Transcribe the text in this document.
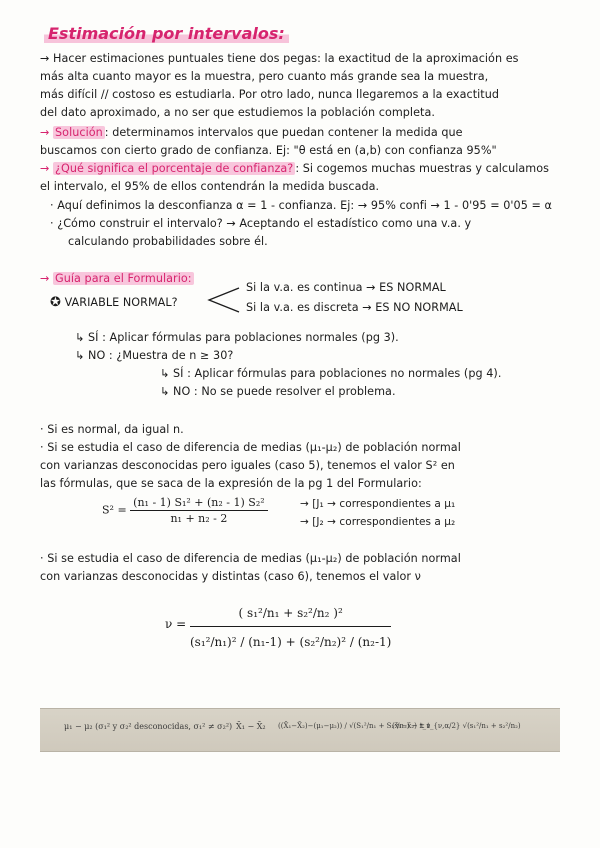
Estimación por intervalos:
→ Hacer estimaciones puntuales tiene dos pegas: la exactitud de la aproximación es
más alta cuanto mayor es la muestra, pero cuanto más grande sea la muestra,
más difícil // costoso es estudiarla. Por otro lado, nunca llegaremos a la exactitud
del dato aproximado, a no ser que estudiemos la población completa.
→ Solución : determinamos intervalos que puedan contener la medida que
buscamos con cierto grado de confianza. Ej: "θ está en (a,b) con confianza 95%"
→ ¿Qué significa el porcentaje de confianza? : Si cogemos muchas muestras y calculamos
el intervalo, el 95% de ellos contendrán la medida buscada.
· Aquí definimos la desconfianza α = 1 - confianza. Ej: → 95% confi → 1 - 0'95 = 0'05 = α
· ¿Cómo construir el intervalo? → Aceptando el estadístico como una v.a. y
calculando probabilidades sobre él.
→ Guía para el Formulario:
✪ VARIABLE NORMAL?
Si la v.a. es continua → ES NORMAL
Si la v.a. es discreta → ES NO NORMAL
↳ SÍ : Aplicar fórmulas para poblaciones normales (pg 3).
↳ NO : ¿Muestra de n ≥ 30?
↳ SÍ : Aplicar fórmulas para poblaciones no normales (pg 4).
↳ NO : No se puede resolver el problema.
· Si es normal, da igual n.
· Si se estudia el caso de diferencia de medias (μ₁-μ₂) de población normal
con varianzas desconocidas pero iguales (caso 5), tenemos el valor S² en
las fórmulas, que se saca de la expresión de la pg 1 del Formulario:
$S^2 = \frac{\text{(n₁ - 1) S₁² + (n₂ - 1) S₂²}}{\text{n₁ + n₂ - 2}}$	→ [J₁ → correspondientes a μ₁
→ [J₂ → correspondientes a μ₂
· Si se estudia el caso de diferencia de medias (μ₁-μ₂) de población normal
con varianzas desconocidas y distintas (caso 6), tenemos el valor ν
$\nu = \frac{\text{( s₁²/n₁ + s₂²/n₂ )²}}{\text{(s₁²/n₁)² / (n₁-1) + (s₂²/n₂)² / (n₂-1)}}$
μ₁ − μ₂ (σ₁² y σ₂² desconocidas, σ₁² ≠ σ₂²) X̄₁ − X̄₂ ((X̄₁−X̄₂)−(μ₁−μ₂)) / √(S₁²/n₁ + S₂²/n₂) ~ t_ν
(x̄₁−x̄₂) ± t_{ν,α/2} √(s₁²/n₁ + s₂²/n₂)
